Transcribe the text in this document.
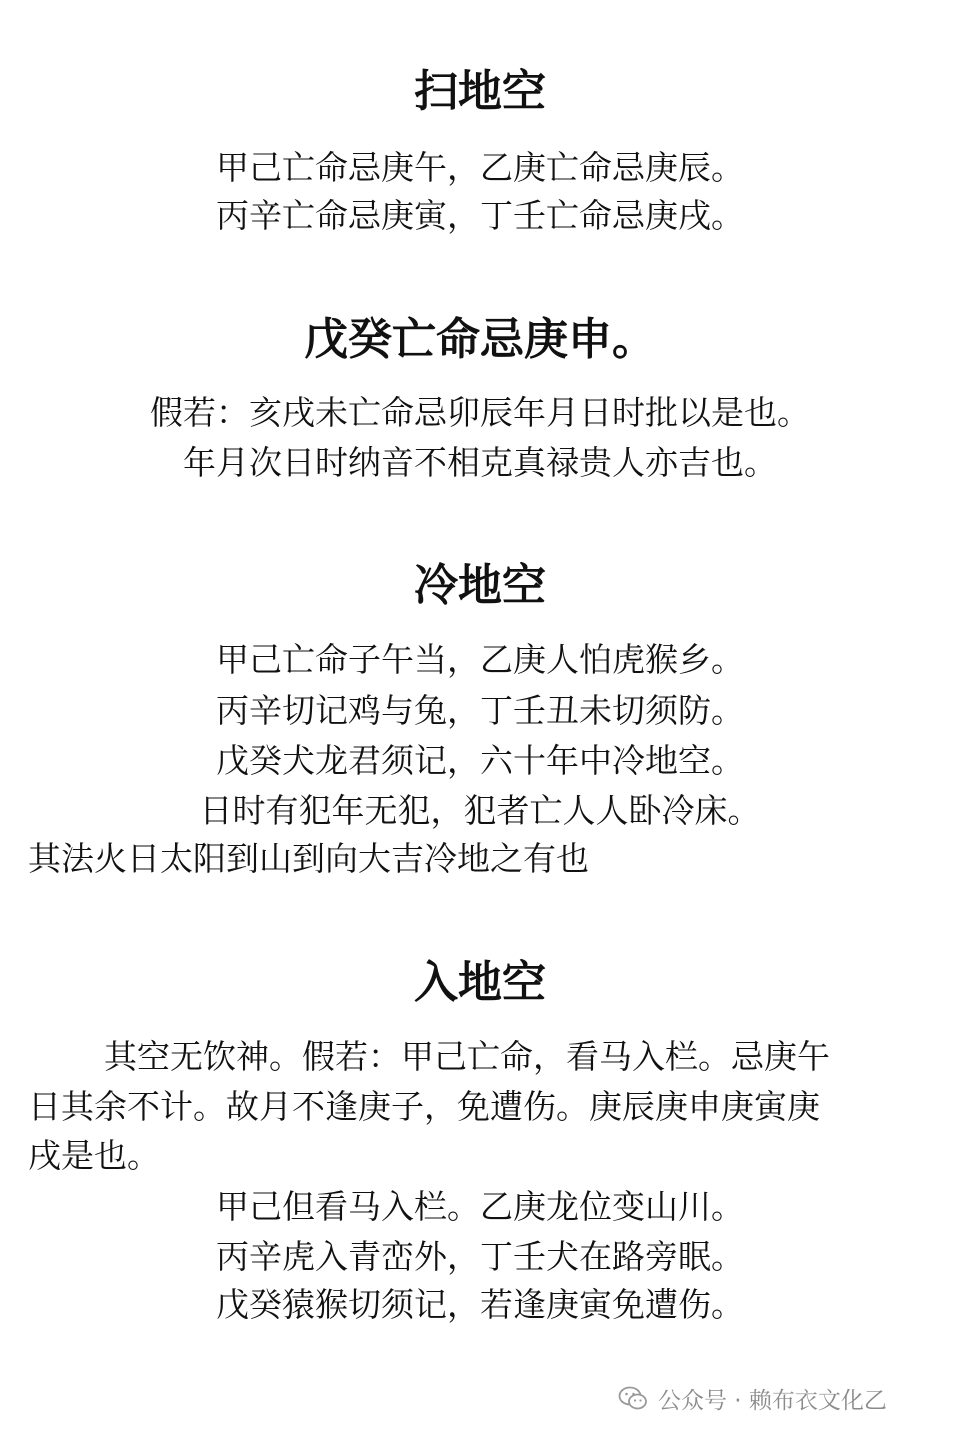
扫地空
甲己亡命忌庚午，乙庚亡命忌庚辰。
丙辛亡命忌庚寅，丁壬亡命忌庚戌。
戊癸亡命忌庚申。
假若：亥戌未亡命忌卯辰年月日时批以是也。
年月次日时纳音不相克真禄贵人亦吉也。
冷地空
甲己亡命子午当，乙庚人怕虎猴乡。
丙辛切记鸡与兔，丁壬丑未切须防。
戊癸犬龙君须记，六十年中冷地空。
日时有犯年无犯，犯者亡人人卧冷床。
其法火日太阳到山到向大吉冷地之有也
入地空
其空无饮神。假若：甲己亡命，看马入栏。忌庚午
日其余不计。故月不逢庚子，免遭伤。庚辰庚申庚寅庚
戌是也。
甲己但看马入栏。乙庚龙位变山川。
丙辛虎入青峦外，丁壬犬在路旁眠。
戊癸猿猴切须记，若逢庚寅免遭伤。
公众号 · 赖布衣文化乙
